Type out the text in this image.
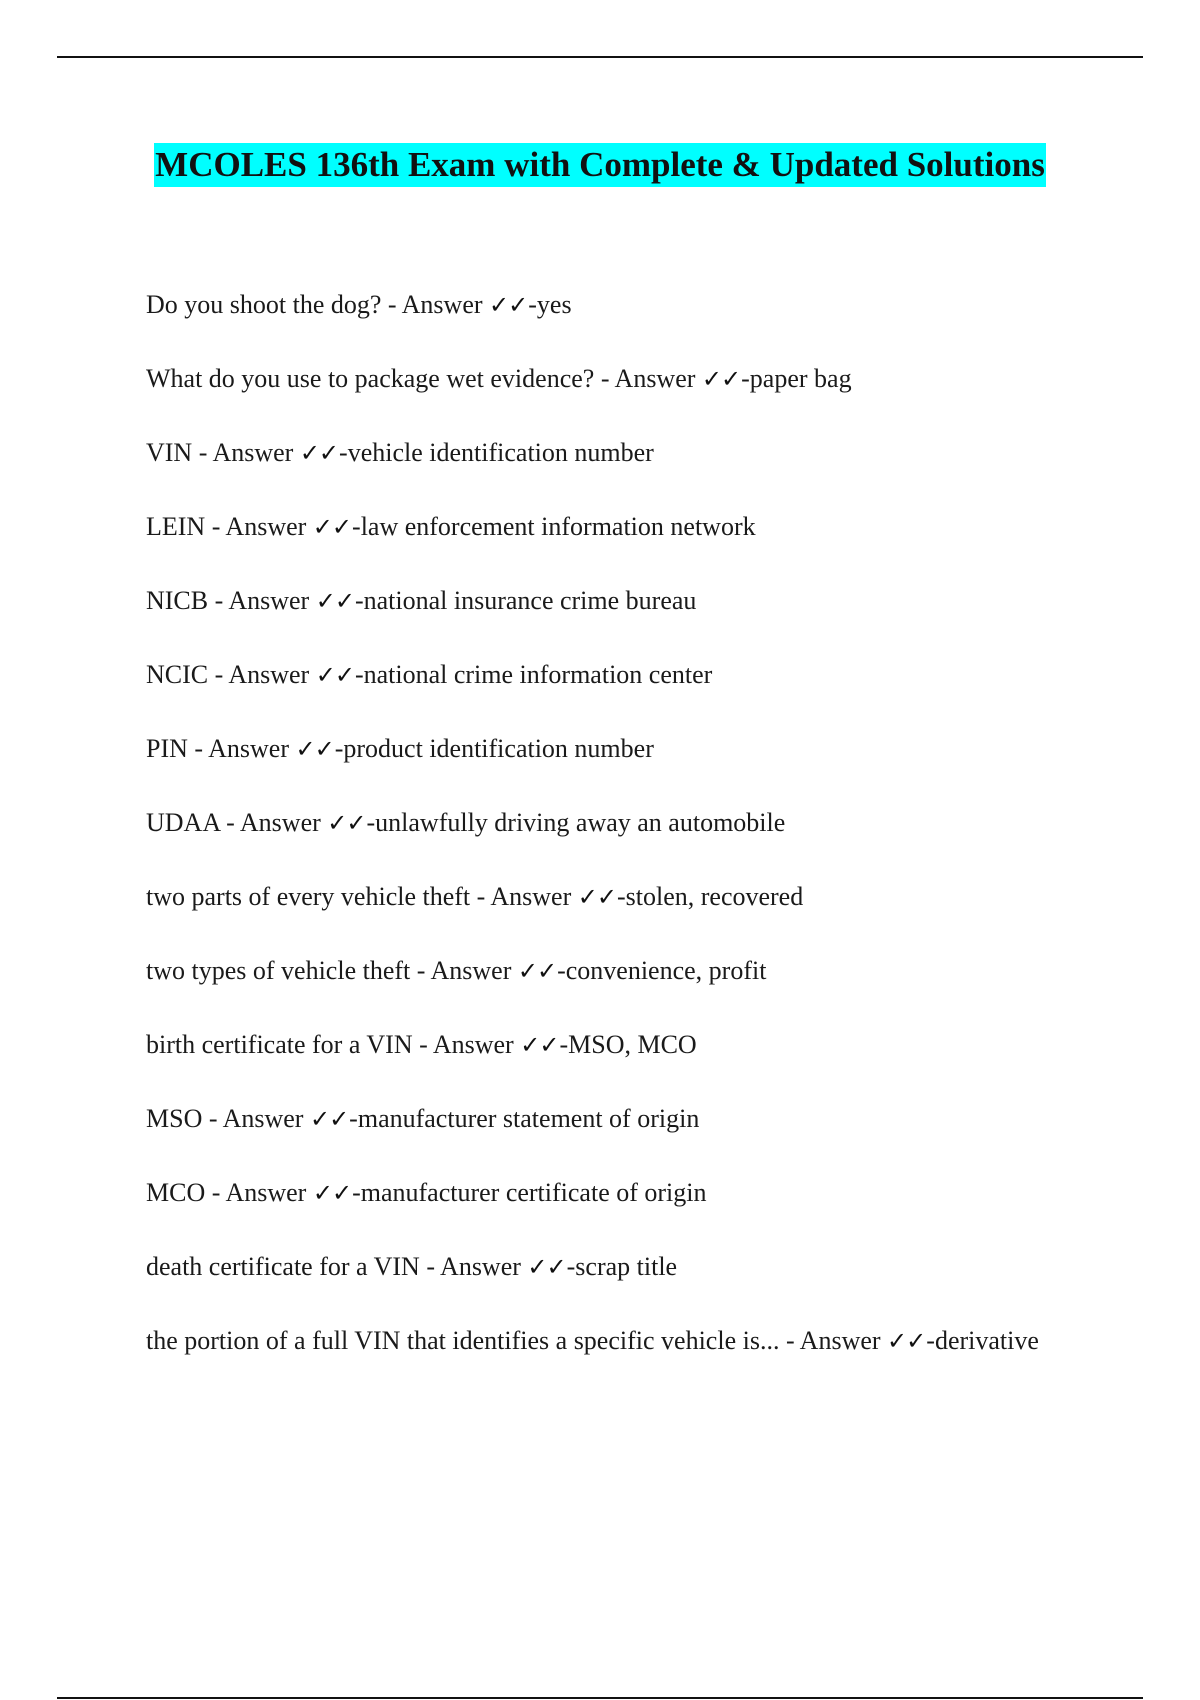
MCOLES 136th Exam with Complete & Updated Solutions
Do you shoot the dog? - Answer ✓✓-yes
What do you use to package wet evidence? - Answer ✓✓-paper bag
VIN - Answer ✓✓-vehicle identification number
LEIN - Answer ✓✓-law enforcement information network
NICB - Answer ✓✓-national insurance crime bureau
NCIC - Answer ✓✓-national crime information center
PIN - Answer ✓✓-product identification number
UDAA - Answer ✓✓-unlawfully driving away an automobile
two parts of every vehicle theft - Answer ✓✓-stolen, recovered
two types of vehicle theft - Answer ✓✓-convenience, profit
birth certificate for a VIN - Answer ✓✓-MSO, MCO
MSO - Answer ✓✓-manufacturer statement of origin
MCO - Answer ✓✓-manufacturer certificate of origin
death certificate for a VIN - Answer ✓✓-scrap title
the portion of a full VIN that identifies a specific vehicle is... - Answer ✓✓-derivative
